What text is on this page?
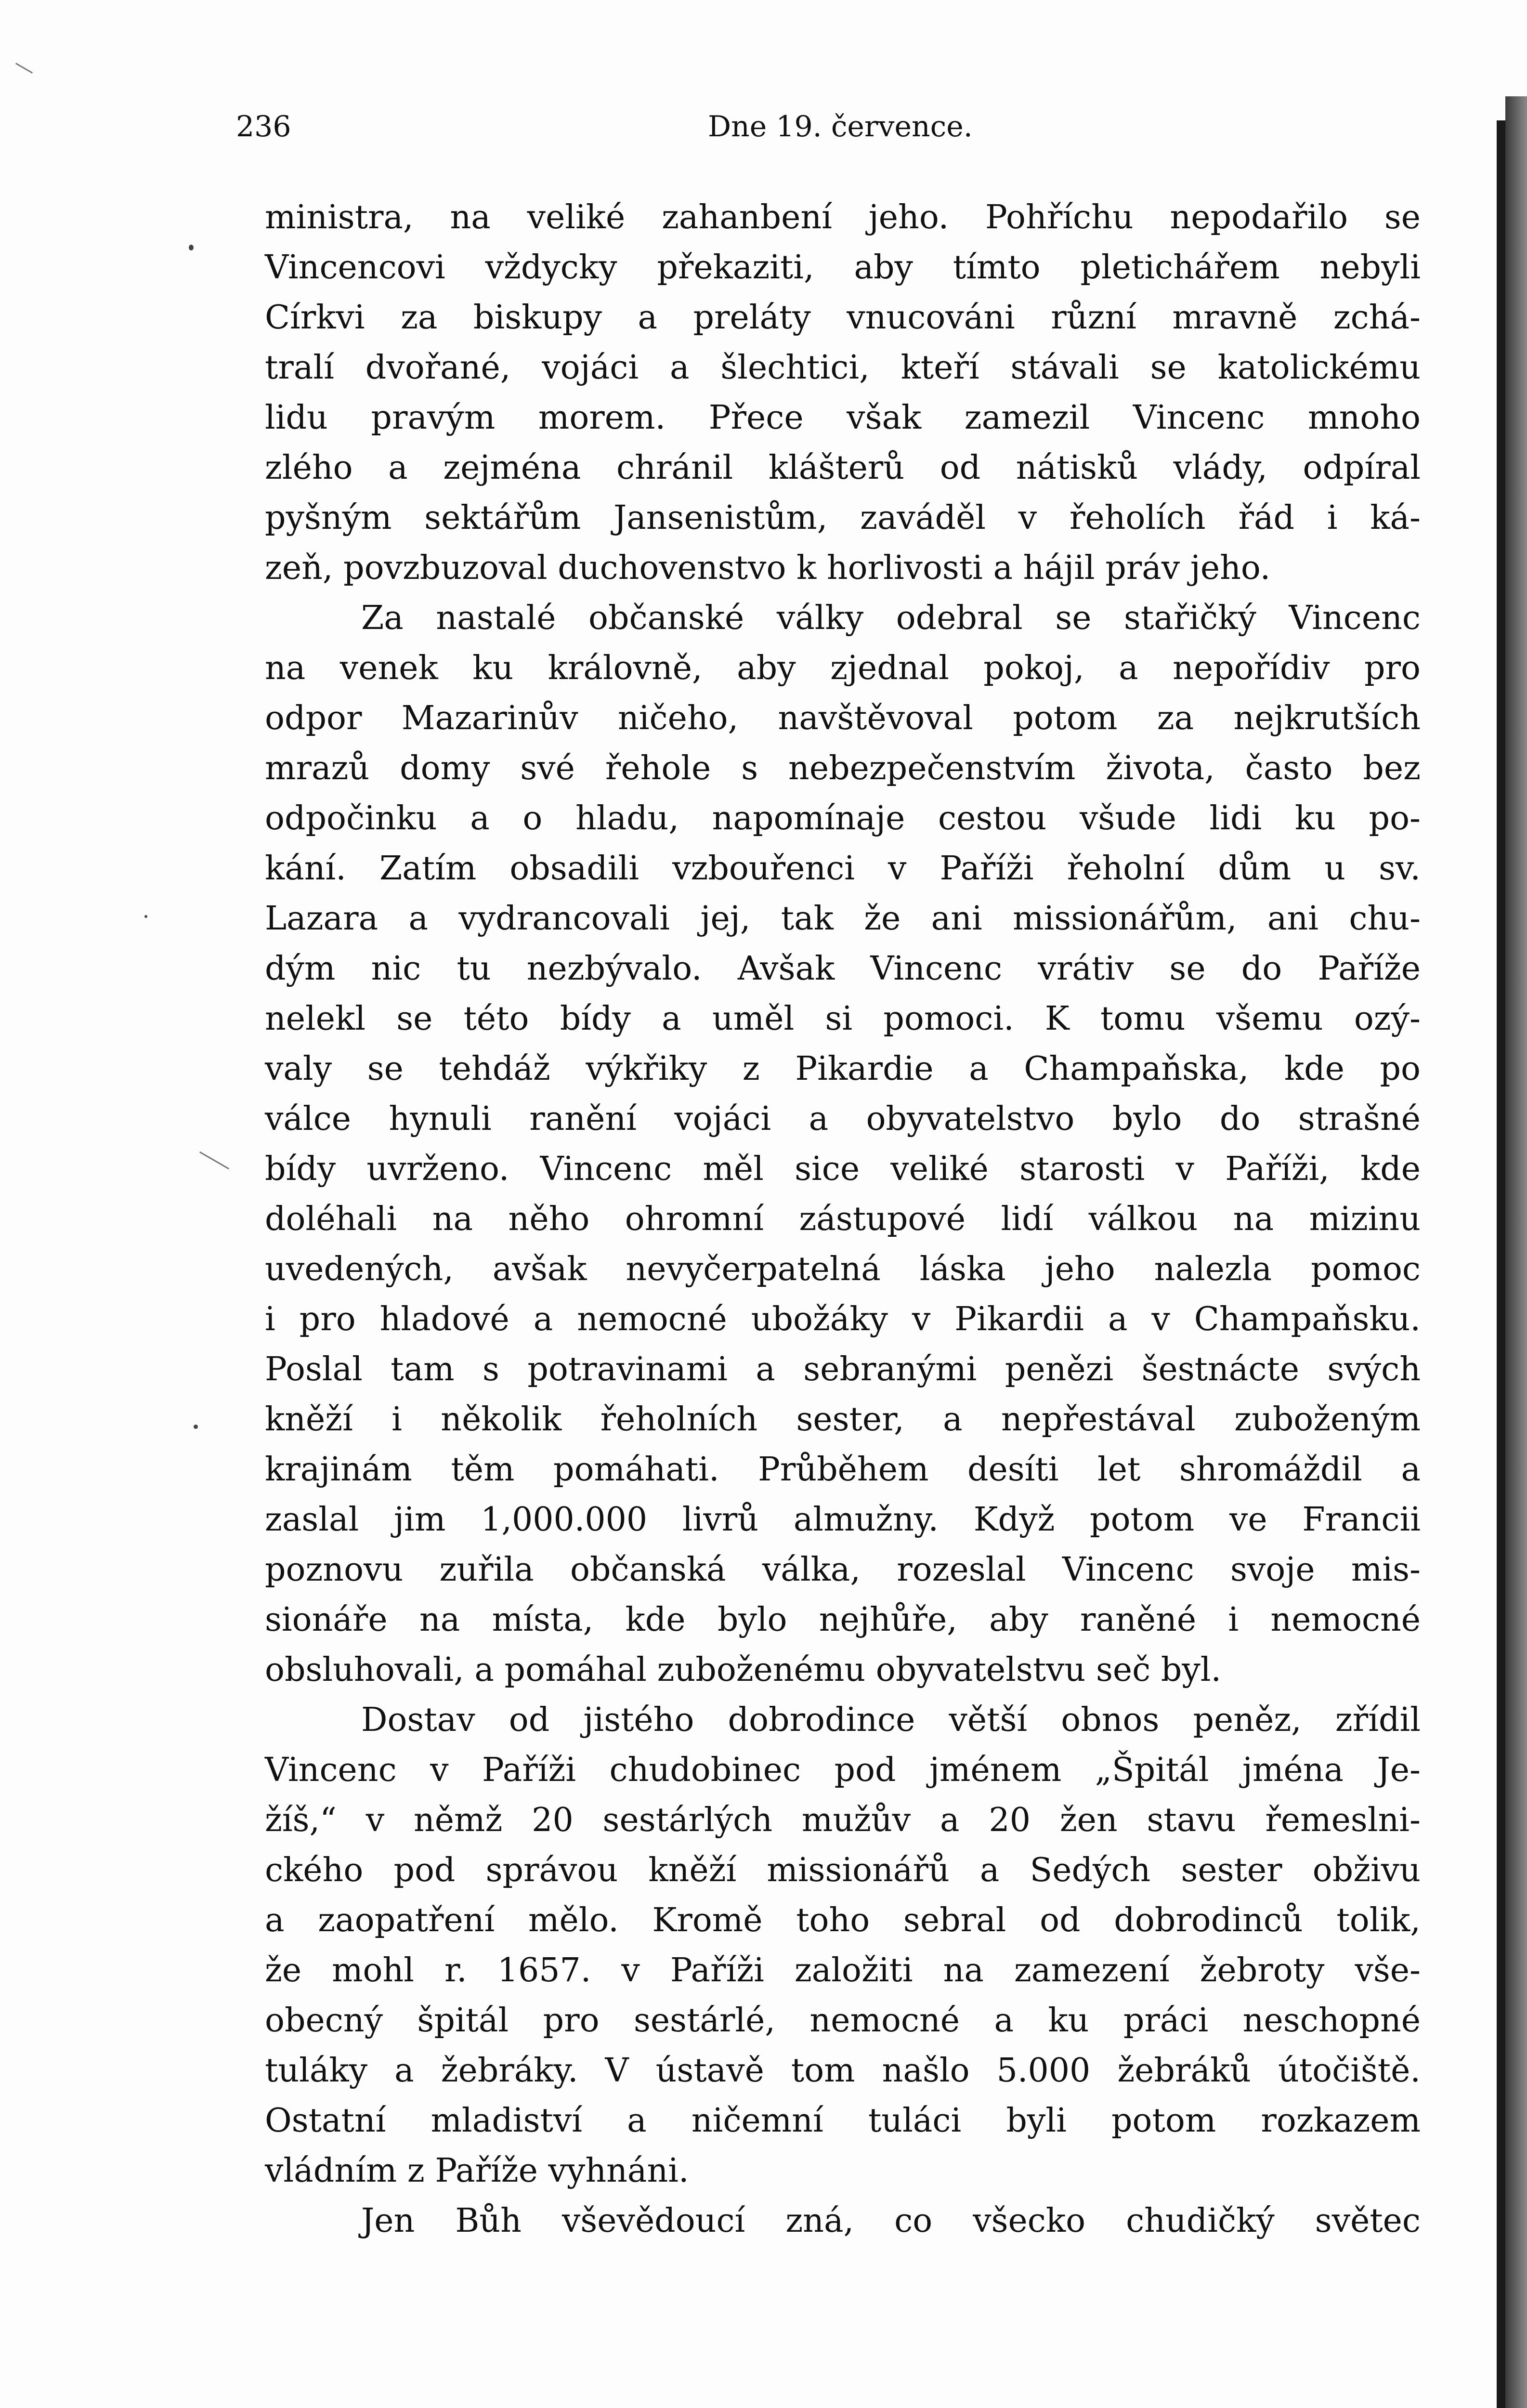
236	Dne 19. července.
ministra, na veliké zahanbení jeho. Pohříchu nepodařilo se
Vincencovi vždycky překaziti, aby tímto pletichářem nebyli
Církvi za biskupy a preláty vnucováni různí mravně zchá-
tralí dvořané, vojáci a šlechtici, kteří stávali se katolickému
lidu pravým morem. Přece však zamezil Vincenc mnoho
zlého a zejména chránil klášterů od nátisků vlády, odpíral
pyšným sektářům Jansenistům, zaváděl v řeholích řád i ká-
zeň, povzbuzoval duchovenstvo k horlivosti a hájil práv jeho.
Za nastalé občanské války odebral se stařičký Vincenc
na venek ku královně, aby zjednal pokoj, a nepořídiv pro
odpor Mazarinův ničeho, navštěvoval potom za nejkrutších
mrazů domy své řehole s nebezpečenstvím života, často bez
odpočinku a o hladu, napomínaje cestou všude lidi ku po-
kání. Zatím obsadili vzbouřenci v Paříži řeholní dům u sv.
Lazara a vydrancovali jej, tak že ani missionářům, ani chu-
dým nic tu nezbývalo. Avšak Vincenc vrátiv se do Paříže
nelekl se této bídy a uměl si pomoci. K tomu všemu ozý-
valy se tehdáž výkřiky z Pikardie a Champaňska, kde po
válce hynuli ranění vojáci a obyvatelstvo bylo do strašné
bídy uvrženo. Vincenc měl sice veliké starosti v Paříži, kde
doléhali na něho ohromní zástupové lidí válkou na mizinu
uvedených, avšak nevyčerpatelná láska jeho nalezla pomoc
i pro hladové a nemocné ubožáky v Pikardii a v Champaňsku.
Poslal tam s potravinami a sebranými penězi šestnácte svých
kněží i několik řeholních sester, a nepřestával zuboženým
krajinám těm pomáhati. Průběhem desíti let shromáždil a
zaslal jim 1,000.000 livrů almužny. Když potom ve Francii
poznovu zuřila občanská válka, rozeslal Vincenc svoje mis-
sionáře na místa, kde bylo nejhůře, aby raněné i nemocné
obsluhovali, a pomáhal zuboženému obyvatelstvu seč byl.
Dostav od jistého dobrodince větší obnos peněz, zřídil
Vincenc v Paříži chudobinec pod jménem „Špitál jména Je-
žíš,“ v němž 20 sestárlých mužův a 20 žen stavu řemeslni-
ckého pod správou kněží missionářů a Sedých sester obživu
a zaopatření mělo. Kromě toho sebral od dobrodinců tolik,
že mohl r. 1657. v Paříži založiti na zamezení žebroty vše-
obecný špitál pro sestárlé, nemocné a ku práci neschopné
tuláky a žebráky. V ústavě tom našlo 5.000 žebráků útočiště.
Ostatní mladiství a ničemní tuláci byli potom rozkazem
vládním z Paříže vyhnáni.
Jen Bůh vševědoucí zná, co všecko chudičký světec
